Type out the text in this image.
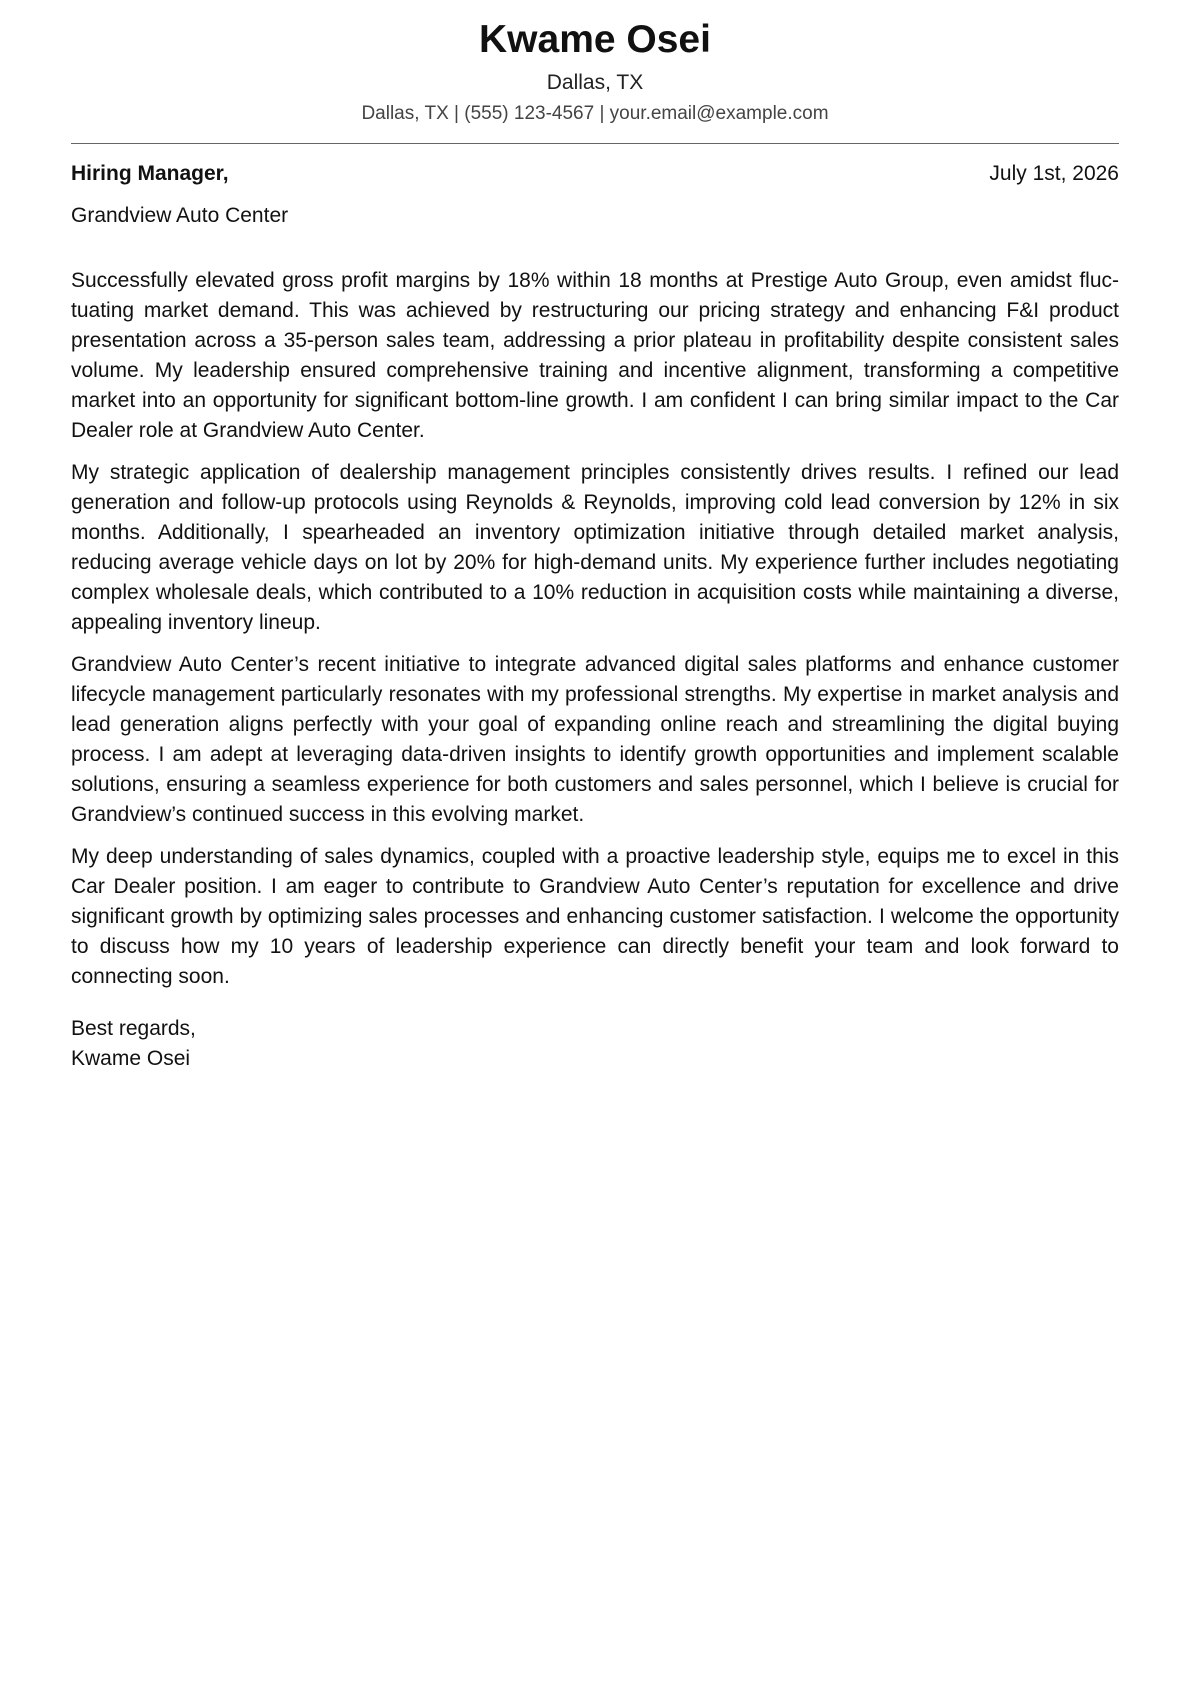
Kwame Osei
Dallas, TX
Dallas, TX | (555) 123-4567 | your.email@example.com
Hiring Manager,	July 1st, 2026
Grandview Auto Center

Successfully elevated gross profit margins by 18% within 18 months at Prestige Auto Group, even amidst fluctuating market demand. This was achieved by restructuring our pricing strategy and enhancing F&I product presentation across a 35-person sales team, addressing a prior plateau in profitability despite consistent sales volume. My leadership ensured comprehensive training and incentive alignment, transforming a competitive market into an opportunity for significant bottom-line growth. I am confident I can bring similar impact to the Car Dealer role at Grandview Auto Center.

My strategic application of dealership management principles consistently drives results. I refined our lead generation and follow-up protocols using Reynolds & Reynolds, improving cold lead conversion by 12% in six months. Additionally, I spearheaded an inventory optimization initiative through detailed market analysis, reducing average vehicle days on lot by 20% for high-demand units. My experience further includes negotiating complex wholesale deals, which contributed to a 10% reduction in acquisition costs while maintaining a diverse, appealing inventory lineup.

Grandview Auto Center’s recent initiative to integrate advanced digital sales platforms and enhance customer lifecycle management particularly resonates with my professional strengths. My expertise in market analysis and lead generation aligns perfectly with your goal of expanding online reach and streamlining the digital buying process. I am adept at leveraging data-driven insights to identify growth opportunities and implement scalable solutions, ensuring a seamless experience for both customers and sales personnel, which I believe is crucial for Grandview’s continued success in this evolving market.

My deep understanding of sales dynamics, coupled with a proactive leadership style, equips me to excel in this Car Dealer position. I am eager to contribute to Grandview Auto Center’s reputation for excellence and drive significant growth by optimizing sales processes and enhancing customer satisfaction. I welcome the opportunity to discuss how my 10 years of leadership experience can directly benefit your team and look forward to connecting soon.

Best regards,
Kwame Osei
